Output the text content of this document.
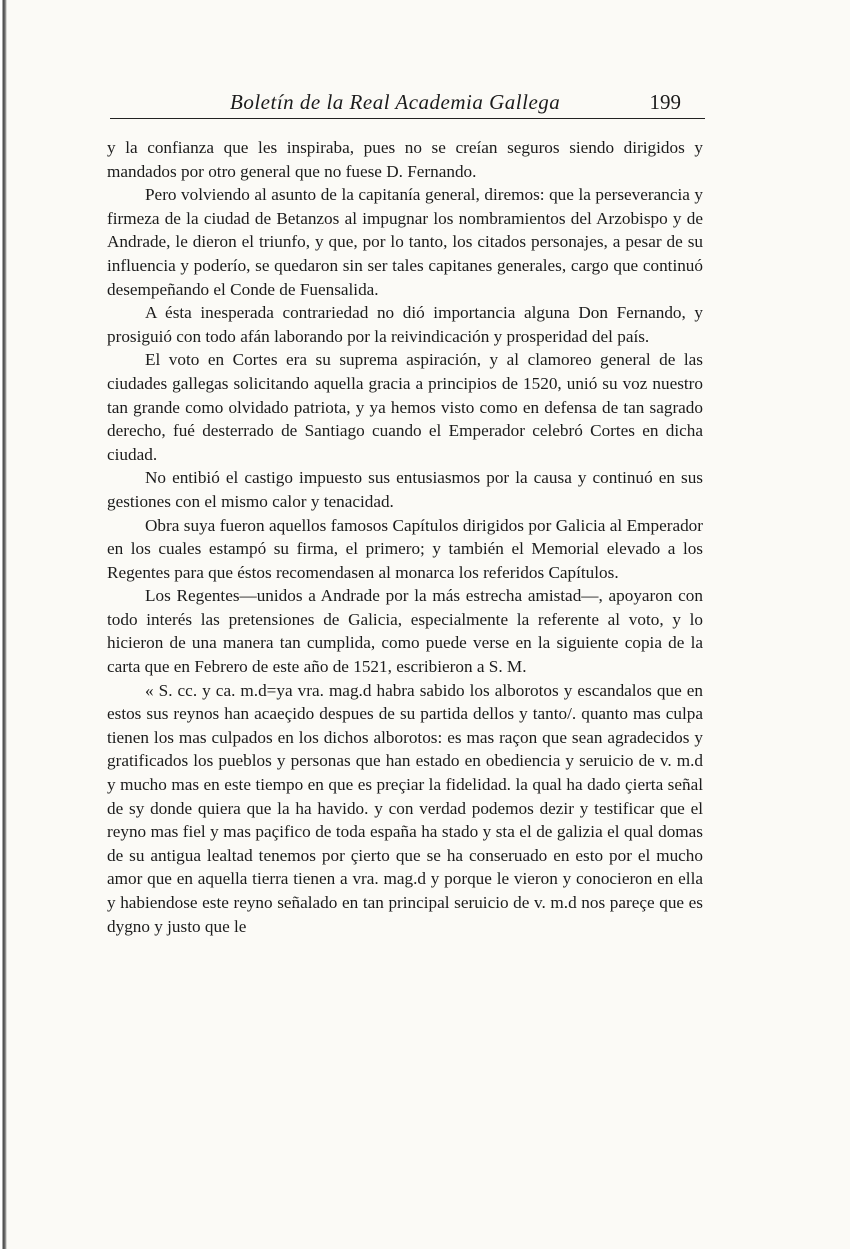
Boletín de la Real Academia Gallega	199

y la confianza que les inspiraba, pues no se creían seguros siendo dirigidos y mandados por otro general que no fuese D. Fernando.

Pero volviendo al asunto de la capitanía general, diremos: que la perseverancia y firmeza de la ciudad de Betanzos al impugnar los nombramientos del Arzobispo y de Andrade, le dieron el triunfo, y que, por lo tanto, los citados personajes, a pesar de su influencia y poderío, se quedaron sin ser tales capitanes generales, cargo que continuó desempeñando el Conde de Fuensalida.

A ésta inesperada contrariedad no dió importancia alguna Don Fernando, y prosiguió con todo afán laborando por la reivindicación y prosperidad del país.

El voto en Cortes era su suprema aspiración, y al clamoreo general de las ciudades gallegas solicitando aquella gracia a principios de 1520, unió su voz nuestro tan grande como olvidado patriota, y ya hemos visto como en defensa de tan sagrado derecho, fué desterrado de Santiago cuando el Emperador celebró Cortes en dicha ciudad.

No entibió el castigo impuesto sus entusiasmos por la causa y continuó en sus gestiones con el mismo calor y tenacidad.

Obra suya fueron aquellos famosos Capítulos dirigidos por Galicia al Emperador en los cuales estampó su firma, el primero; y también el Memorial elevado a los Regentes para que éstos recomendasen al monarca los referidos Capítulos.

Los Regentes—unidos a Andrade por la más estrecha amistad—, apoyaron con todo interés las pretensiones de Galicia, especialmente la referente al voto, y lo hicieron de una manera tan cumplida, como puede verse en la siguiente copia de la carta que en Febrero de este año de 1521, escribieron a S. M.

« S. cc. y ca. m.d=ya vra. mag.d habra sabido los alborotos y escandalos que en estos sus reynos han acaeçido despues de su partida dellos y tanto/. quanto mas culpa tienen los mas culpados en los dichos alborotos: es mas raçon que sean agradecidos y gratificados los pueblos y personas que han estado en obediencia y seruicio de v. m.d y mucho mas en este tiempo en que es preçiar la fidelidad. la qual ha dado çierta señal de sy donde quiera que la ha havido. y con verdad podemos dezir y testificar que el reyno mas fiel y mas paçifico de toda españa ha stado y sta el de galizia el qual domas de su antigua lealtad tenemos por çierto que se ha conseruado en esto por el mucho amor que en aquella tierra tienen a vra. mag.d y porque le vieron y conocieron en ella y habiendose este reyno señalado en tan principal seruicio de v. m.d nos pareçe que es dygno y justo que le
